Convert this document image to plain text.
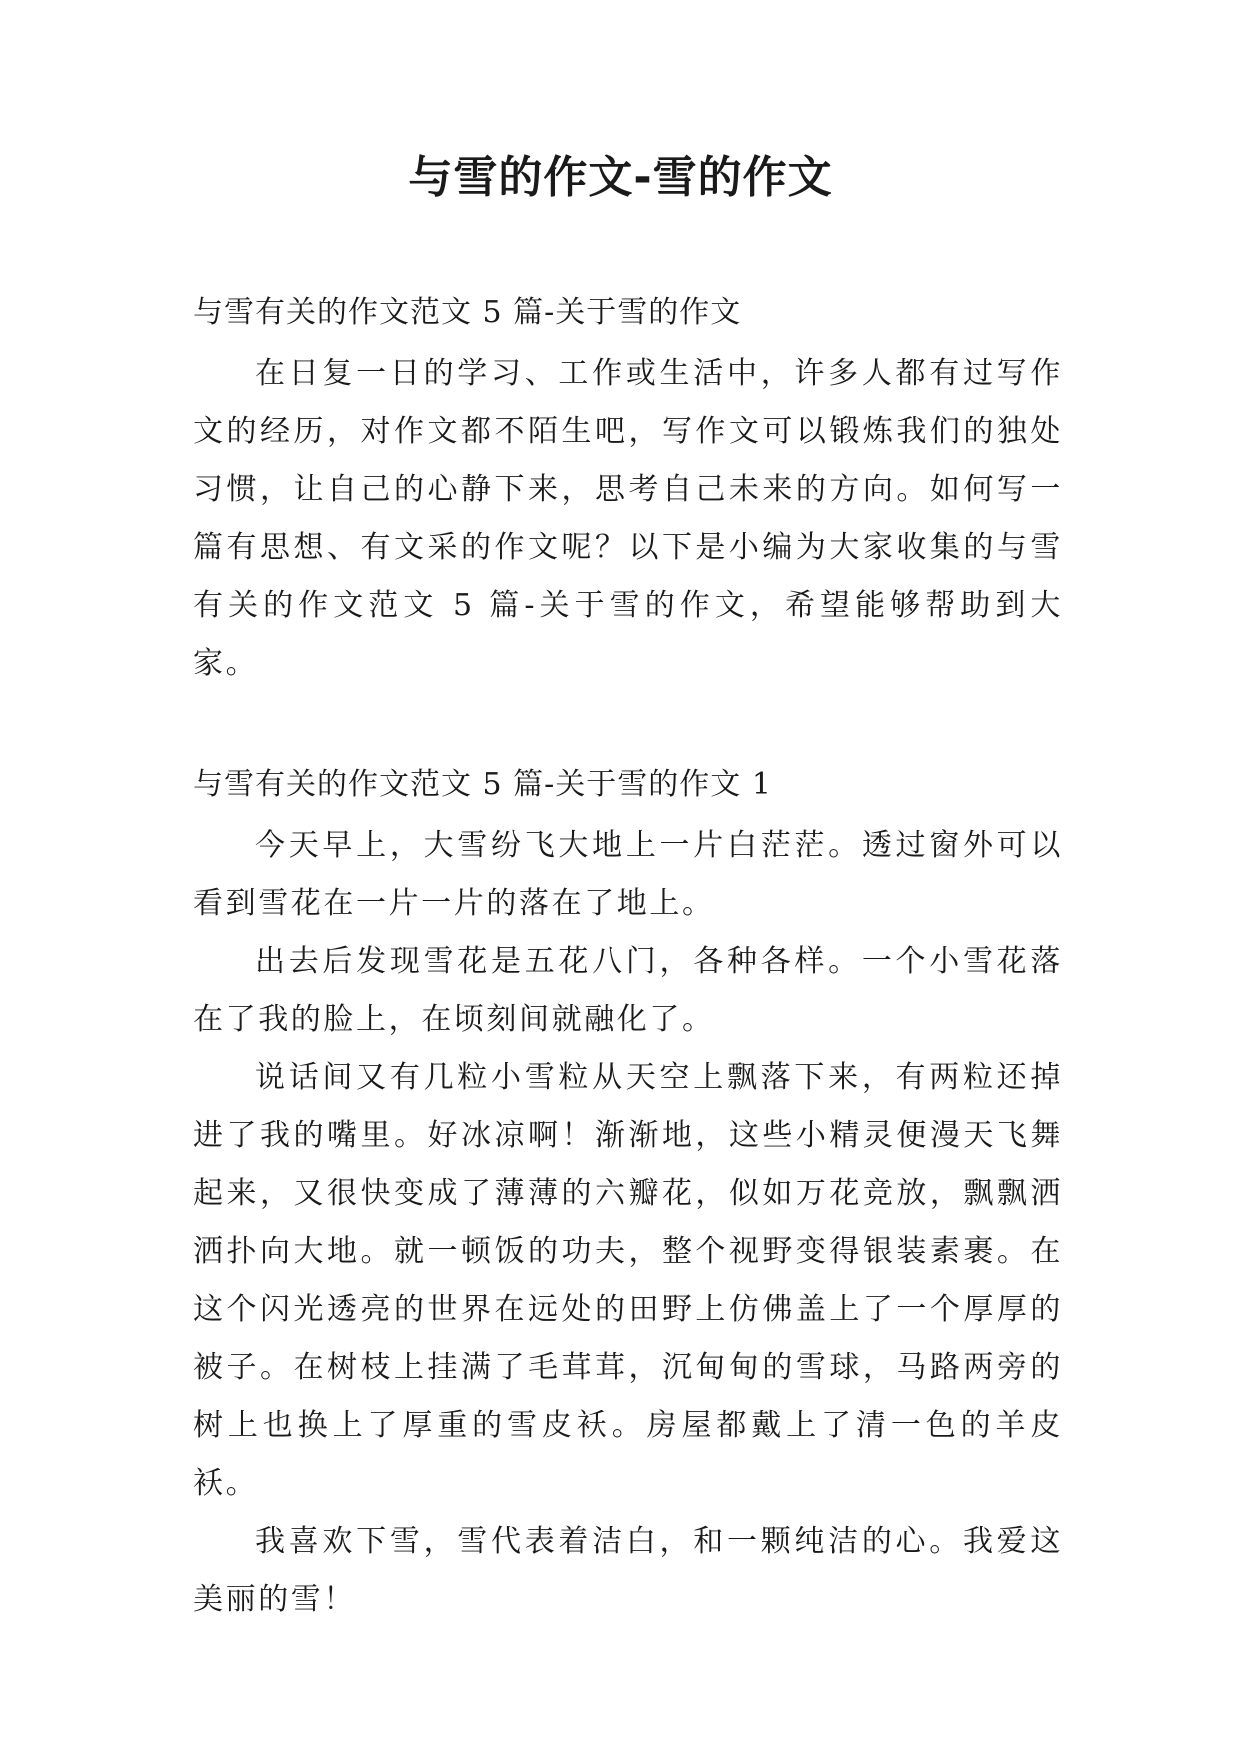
与雪的作文-雪的作文
与雪有关的作文范文 5 篇-关于雪的作文

在日复一日的学习、工作或生活中，许多人都有过写作文的经历，对作文都不陌生吧，写作文可以锻炼我们的独处习惯，让自己的心静下来，思考自己未来的方向。如何写一篇有思想、有文采的作文呢？以下是小编为大家收集的与雪有关的作文范文 5 篇-关于雪的作文，希望能够帮助到大家。

与雪有关的作文范文 5 篇-关于雪的作文 1

今天早上，大雪纷飞大地上一片白茫茫。透过窗外可以看到雪花在一片一片的落在了地上。

出去后发现雪花是五花八门，各种各样。一个小雪花落在了我的脸上，在顷刻间就融化了。

说话间又有几粒小雪粒从天空上飘落下来，有两粒还掉进了我的嘴里。好冰凉啊！渐渐地，这些小精灵便漫天飞舞起来，又很快变成了薄薄的六瓣花，似如万花竞放，飘飘洒洒扑向大地。就一顿饭的功夫，整个视野变得银装素裹。在这个闪光透亮的世界在远处的田野上仿佛盖上了一个厚厚的被子。在树枝上挂满了毛茸茸，沉甸甸的雪球，马路两旁的树上也换上了厚重的雪皮袄。房屋都戴上了清一色的羊皮袄。

我喜欢下雪，雪代表着洁白，和一颗纯洁的心。我爱这美丽的雪！
